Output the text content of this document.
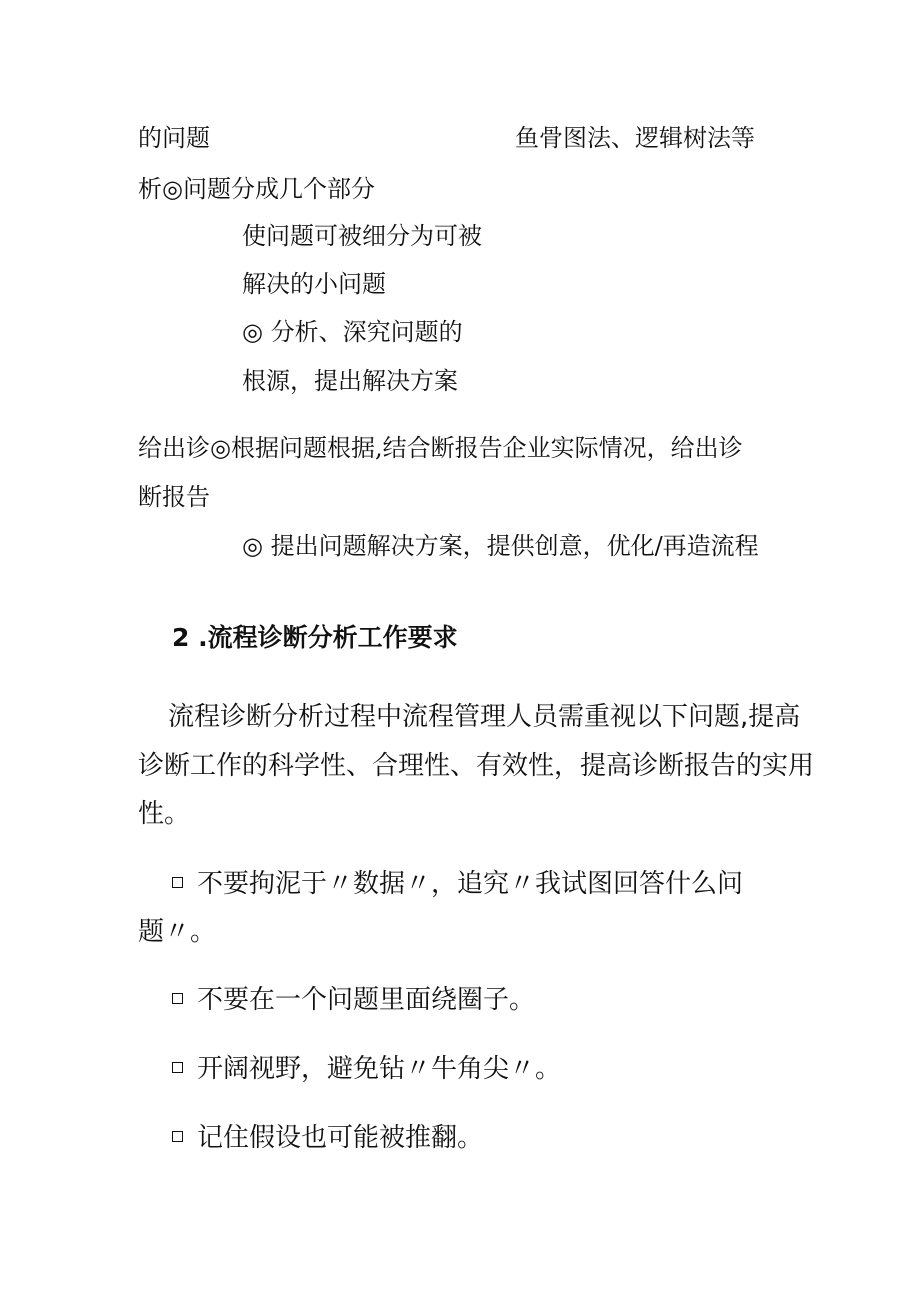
的问题	鱼骨图法、逻辑树法等
析◎问题分成几个部分
使问题可被细分为可被
解决的小问题
◎ 分析、深究问题的
根源，提出解决方案
给出诊◎根据问题根据,结合断报告企业实际情况，给出诊
断报告
◎ 提出问题解决方案，提供创意，优化/再造流程
2 .流程诊断分析工作要求
流程诊断分析过程中流程管理人员需重视以下问题,提高
诊断工作的科学性、合理性、有效性，提高诊断报告的实用
性。
不要拘泥于〃数据〃，追究〃我试图回答什么问
题〃。
不要在一个问题里面绕圈子。
开阔视野，避免钻〃牛角尖〃。
记住假设也可能被推翻。
